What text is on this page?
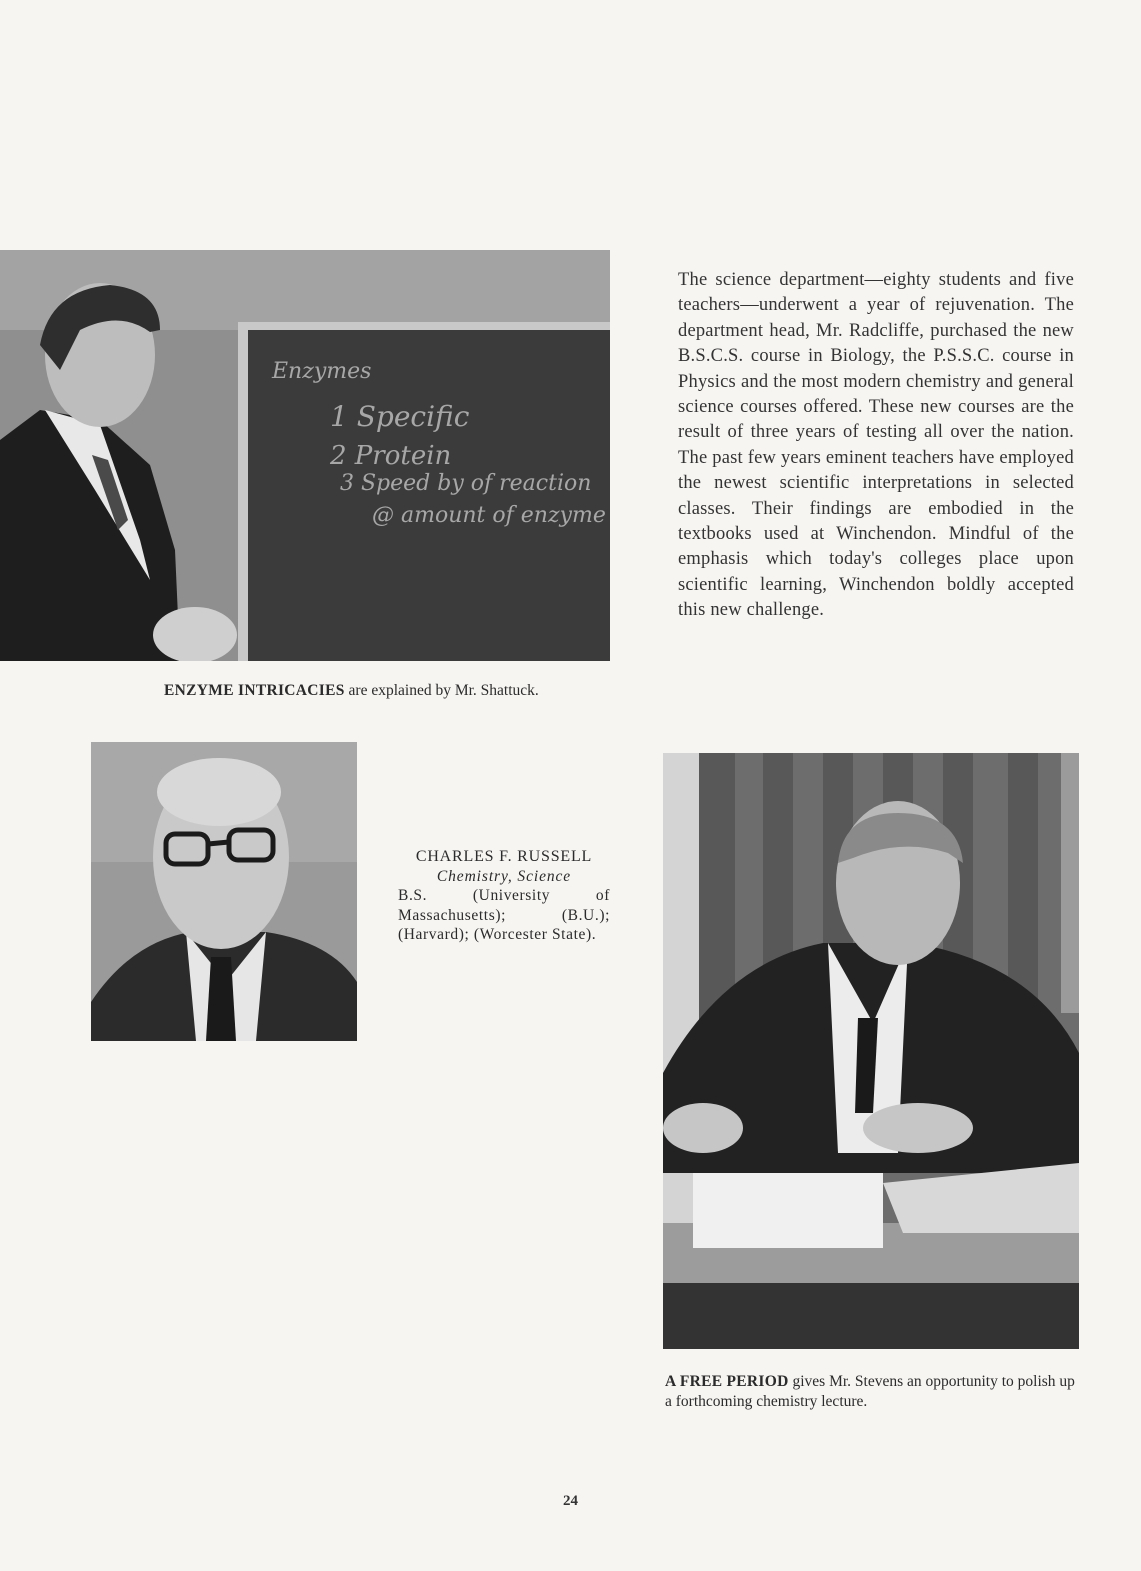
Enzymes
1 Specific
2 Protein
3 Speed by of reaction
@ amount of enzyme
The science department—eighty students and five teachers—underwent a year of rejuvenation. The department head, Mr. Radcliffe, purchased the new B.S.C.S. course in Biology, the P.S.S.C. course in Physics and the most modern chemistry and general science courses offered. These new courses are the result of three years of testing all over the nation. The past few years eminent teachers have employed the newest scientific interpretations in selected classes. Their findings are embodied in the textbooks used at Winchendon. Mindful of the emphasis which today's colleges place upon scientific learning, Winchendon boldly accepted this new challenge.
ENZYME INTRICACIES are explained by Mr. Shattuck.
CHARLES F. RUSSELL
Chemistry, Science
B.S. (University of Massachusetts); (B.U.); (Harvard); (Worcester State).
A FREE PERIOD gives Mr. Stevens an opportunity to polish up a forthcoming chemistry lecture.
24
